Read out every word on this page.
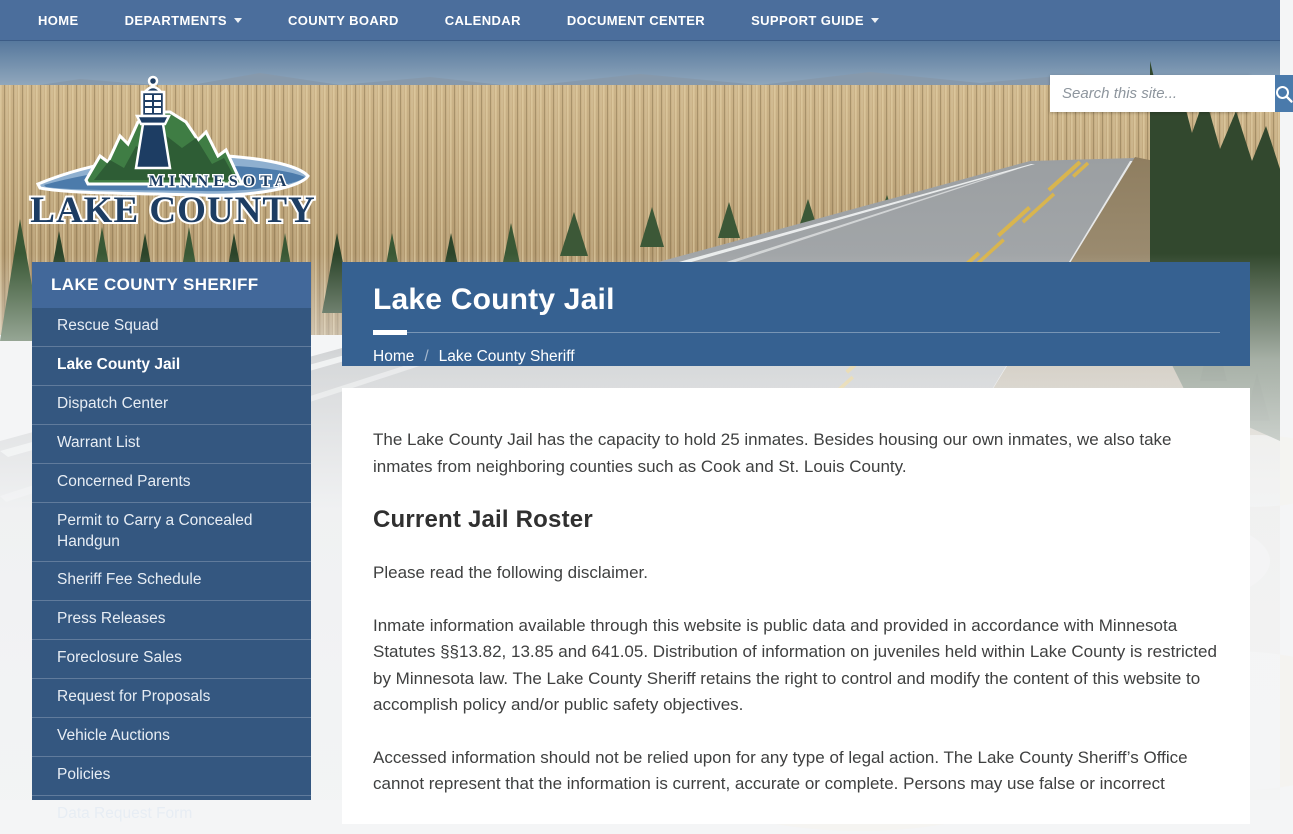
HOME	DEPARTMENTS	COUNTY BOARD	CALENDAR	DOCUMENT CENTER	SUPPORT GUIDE
MINNESOTA
LAKE COUNTY
Search this site...
LAKE COUNTY SHERIFF
Rescue Squad
Lake County Jail
Dispatch Center
Warrant List
Concerned Parents
Permit to Carry a Concealed Handgun
Sheriff Fee Schedule
Press Releases
Foreclosure Sales
Request for Proposals
Vehicle Auctions
Policies
Data Request Form
Lake County Jail
Home / Lake County Sheriff

The Lake County Jail has the capacity to hold 25 inmates. Besides housing our own inmates, we also take inmates from neighboring counties such as Cook and St. Louis County.

Current Jail Roster

Please read the following disclaimer.

Inmate information available through this website is public data and provided in accordance with Minnesota Statutes §§13.82, 13.85 and 641.05. Distribution of information on juveniles held within Lake County is restricted by Minnesota law. The Lake County Sheriff retains the right to control and modify the content of this website to accomplish policy and/or public safety objectives.

Accessed information should not be relied upon for any type of legal action. The Lake County Sheriff’s Office cannot represent that the information is current, accurate or complete. Persons may use false or incorrect
